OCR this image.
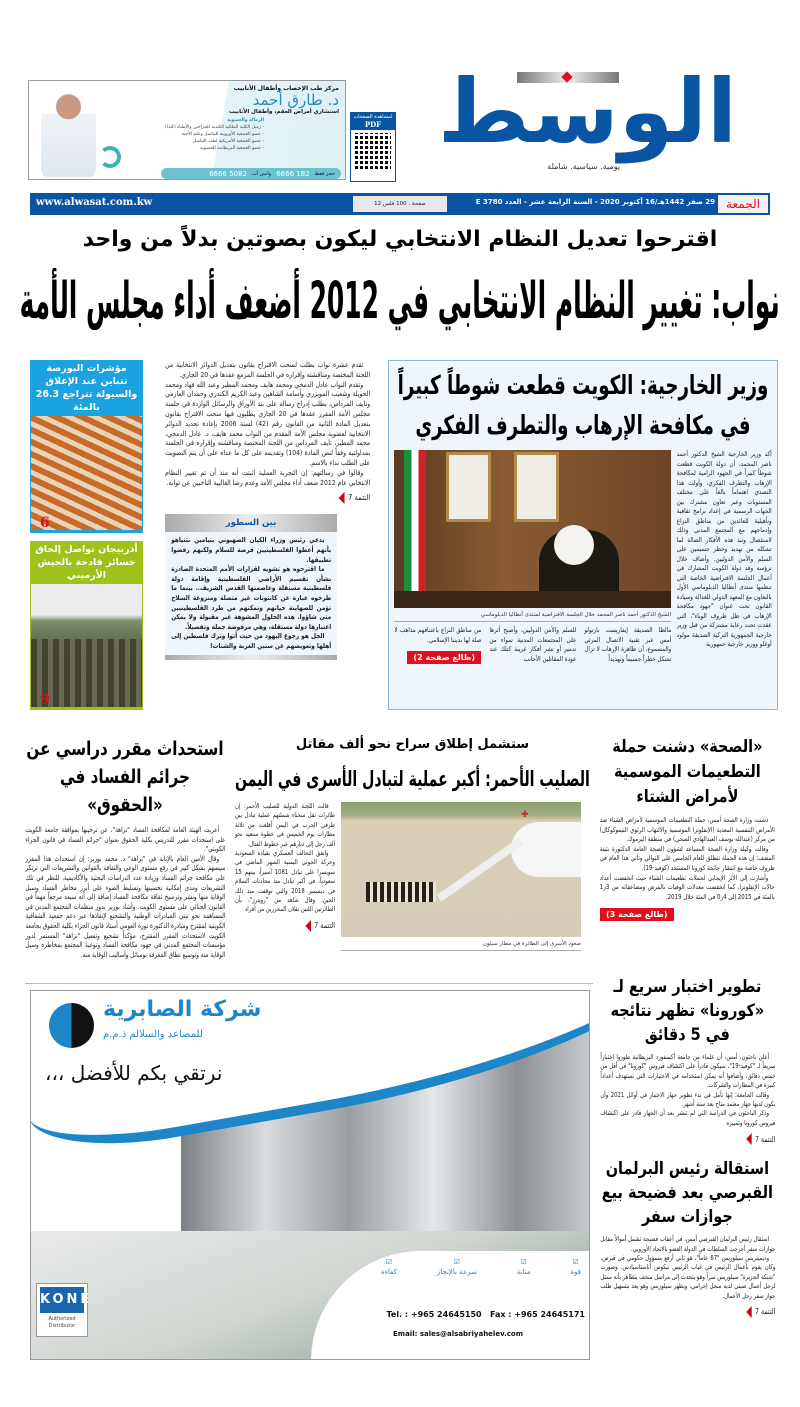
مركز طب الإخصاب وأطفال الأنابيب
د. طارق أحمد
استشاري أمراض العقم، وأطفال الأنابيب
الزمالة والعضوية
- زميل الكلية الملكية الكندية للجراحين والأطباء (كندا)
- عضو الجمعية الأوروبية للتناسل وعلم الأجنة
- عضو الجمعية الأمريكية لطب التناسل
- عضو الجمعية البريطانية للخصوبة
حجز فقط
182 6666
واتس آب
5082 6666
لمشاهدة الصفحات
PDF الوسط
يومية. سياسية. شاملة
www.alwasat.com.kw	12 صفحة . 100 فلس	29 صفر 1442هـ/16 أكتوبر 2020 - السنة الرابعة عشر - العدد 3780 E الجمعة
اقترحوا تعديل النظام الانتخابي ليكون بصوتين بدلاً من واحد
نواب: تغيير النظام الانتخابي في 2012 أضعف أداء مجلس الأمة
مؤشرات البورصة تتباين عند الإغلاق والسيولة تتراجع 26.3 بالمئة
6
أذربيجان تواصل إلحاق خسائر فادحة بالجيش الأرميني
9

تقدم عشرة نواب بطلب لسحب الاقتراح بقانون بتعديل الدوائر الانتخابية من اللجنة المختصة ومناقشته وإقراره في الجلسة المزمع عقدها في 20 الجاري.

وتقدم النواب عادل الدمخي ومحمد هايف ومحمد المطير وعبد الله فهاد ومحمد الحويلة وشعيب المويزري وأسامة الشاهين وعبد الكريم الكندري وحمدان العازمي ونايف المرداس، بطلب إدراج رسالة على بند الأوراق والرسائل الواردة في جلسة مجلس الأمة المقرر عقدها في 20 الجاري يطلبون فيها سحب الاقتراح بقانون بتعديل المادة الثانية من القانون رقم (42) لسنة 2006 بإعادة تحديد الدوائر الانتخابية لعضوية مجلس الأمة المقدم من النواب محمد هايف، د. عادل الدمخي، محمد المطير، نايف المرداس من اللجنة المختصة ومناقشته وإقراره في الجلسة بمداولتيه وفقاً لنص المادة (104) وتقديمه على كل ما عداه على أن يتم التصويت على الطلب نداء بالاسم.

وقالوا في رسالتهم: إن التجربة العملية اثبتت أنه منذ أن تم تغيير النظام الانتخابي عام 2012 ضعف أداء مجلس الأمة وعدم رضا الغالبية الناخبين عن نوابه.

التتمة 7
بين السطور

يدعي رئيس وزراء الكيان الصهيوني بنيامين نتنياهو بأنهم أعطوا الفلسطينيين فرصة للسلام ولكنهم رفضوا تطبيقها.

ما اقترحوه هو تشويه لقرارات الأمم المتحدة الصادرة بشأن تقسيم الأراضي الفلسطينية وإقامة دولة فلسطينية مستقلة وعاصمتها القدس الشريف.. بينما ما طرحوه عبارة عن كانتونات غير متصلة ومنزوعة السلاح تؤمن للصهاينة حياتهم وتمكنهم من طرد الفلسطينيين متى شاؤوا. هذه الحلول المشوهة غير مقبولة ولا يمكن اعتبارها دولة مستقلة، وهي مرفوضة جملة وتفصيلاً.

الحل هو رجوع اليهود من حيث أتوا وترك فلسطين إلى أهلها وتعويضهم عن سنين الغربة والشتات!

وزير الخارجية: الكويت قطعت شوطاً كبيراً في مكافحة الإرهاب والتطرف الفكري
أكد وزير الخارجية الشيخ الدكتور أحمد ناصر المحمد، أن دولة الكويت قطعت شوطاً كبيراً في الجهود الرامية لمكافحة الإرهاب والتطرف الفكري، وأولت هذا التصدي اهتماماً بالغاً على مختلف المستويات وعبر تعاون مشترك بين الجهات الرسمية في إعداد برامج ثقافية وتأهيلية للعائدين من مناطق النزاع وإدماجهم مع المجتمع المدني وذلك لاستئصال ونبذ هذه الأفكار الضالة لما تشكله من تهديد وخطر جسيمين على السلم والأمن الدوليين. وأضاف خلال ترؤسه وفد دولة الكويت المشارك في أعمال الجلسة الافتراضية الخاصة التي تنظمها منتدى أنطاليا الدبلوماسي الأول بالتعاون مع المعهد الدولي للعدالة وسيادة القانون تحت عنوان "جهود مكافحة الإرهاب في ظل ظروف الوباء"، التي عقدت تحت رعاية مشتركة من قبل وزير خارجية الجمهورية التركية الصديقة مولود أوغلو ووزير خارجية جمهورية
الشيخ الدكتور أحمد ناصر المحمد خلال الجلسة الافتراضية لمنتدى أنطاليا الدبلوماسي
مالطا الصديقة إيفاريست بارتولو أمس عبر تقنية الاتصال المرئي والمسموع، أن ظاهرة الإرهاب لا تزال تشكل خطراً جسيماً وتهديداً
للسلم والأمن الدوليين، وأصبح أثرها على المجتمعات المدنية سواء من تدمير أو نشر أفكار غريبة كتلك عند عودة المقاتلين الأجانب
من مناطق النزاع باعتناقهم مذاهب لا صلة لها بديننا الإسلامي.
(طالع صفحة 2)
استحداث مقرر دراسي عن جرائم الفساد في «الحقوق»

أعربت الهيئة العامة لمكافحة الفساد "نزاهة"، عن ترحيبها بموافقة جامعة الكويت على استحداث مقرر للتدريس بكلية الحقوق بعنوان "جرائم الفساد في قانون الجزاء الكويتي".

وقال الأمين العام بالإنابة في "نزاهة" د. محمد بوزبر: إن استحداث هذا المقرر سيسهم بشكل كبير في رفع مستوى الوعي والثقافة بالقوانين والتشريعات التي ترتكز على مكافحة جرائم الفساد وزيادة عدد الدراسات البحثية والأكاديمية، للنظر في تلك التشريعات ومدى إمكانية تحسينها وتسليط الضوء على أبرز مخاطر الفساد وسبل الوقاية منها ونشر وترسيخ ثقافة مكافحة الفساد إضافة إلى أنه سيعد مرجعاً مهماً في القانون الجنائي على مستوى الكويت. وأشاد بوزبر بدور منظمات المجتمع المدني في المساهمة نحو تبني المبادرات الوطنية والتشجيع لإنفاذها عبر دعم جمعية الشفافية الكويتية لمقترح ومبادرة الدكتورة نورة العومي أستاذ قانون الجزاء بكلية الحقوق بجامعة الكويت لاستحداث المقرر المقترح، مؤكداً تشجيع وتفعيل "نزاهة" المستمر لدور مؤسسات المجتمع المدني في جهود مكافحة الفساد وتوعية المجتمع بمخاطره وسبل الوقاية منه وتوسيع نطاق المعرفة بوسائل وأساليب الوقاية منه.

ستشمل إطلاق سراح نحو ألف مقاتل
الصليب الأحمر: أكبر عملية لتبادل الأسرى في اليمن
✚
صعود الأسرى إلى الطائرة في مطار سيئون

قالت اللجنة الدولية للصليب الأحمر: إن طائرات نقل سجناء شملتهم عملية تبادل بين طرفي الحرب في اليمن أقلعت من ثلاثة مطارات يوم الخميس في خطوة ستعيد نحو ألف رجل إلى ديارهم عبر خطوط القتال.

واتفق التحالف العسكري بقيادة السعودية وحركة الحوثي اليمنية الشهر الماضي في سويسرا على تبادل 1081 أسيراً، بينهم 15 سعودياً، في أكبر تبادل منذ محادثات السلام في ديسمبر 2018 والتي توقفت منذ ذلك الحين. وقال شاهد من "رويترز"، بأن الطائرتين اللتين تقلان المحررين من أفراد

التتمة 7
«الصحة» دشنت حملة التطعيمات الموسمية لأمراض الشتاء

دشنت وزارة الصحة أمس، حملة التطعيمات الموسمية لأمراض الشتاء ضد الأمراض التنفسية المعدية (الإنفلونزا الموسمية والالتهاب الرئوي النيموكوكال) من مركز (عبدالله يوسف العبدالهادي الصحي) في منطقة اليرموك.

وقالت وكيلة وزارة الصحة المساعد لشؤون الصحة العامة الدكتورة بثينة المضف: إن هذه الحملة تنطلق للعام الخامس على التوالي وتأتي هذا العام في ظروف خاصة مع انتشار جائحة كورونا المستجد (كوفيد-19).

وأشارت إلى الأثر الإيجابي لحملات تطعيمات الشتاء حيث انخفضت أعداد حالات الإنفلونزا، كما انخفضت معدلات الوفيات بالمرض ومضاعفاته من 3ر1 بالمئة في 2015 إلى 4ر0 في المئة خلال 2019.

(طالع صفحة 3)
شركة الصابرية
للمصاعد والسلالم ذ.م.م
نرتقي بكم للأفضل ،،،
☑
قوة
☑
متانة
☑
سرعة بالإنجاز
☑
كفاءة
Tel. : +965 24645150   Fax : +965 24645171
Email: sales@alsabriyahelev.com
KONE
Authorized Distributor
تطوير اختبار سريع لـ «كورونا» تظهر نتائجه في 5 دقائق

أعلن باحثون، أمس، أن علماء من جامعة أكسفورد البريطانية طوروا اختباراً سريعاً لـ "كوفيد-19"، سيكون قادراً على اكتشاف فيروس "كورونا" في أقل من خمس دقائق، وأضافوا أنه يمكن استخدامه في الاختبارات التي تستهدف أعداداً كبيرة في المطارات والشركات.

وقالت الجامعة: إنها تأمل في بدء تطوير جهاز الاختبار في أوائل 2021 وأن يكون لديها جهاز معتمد متاح بعد ستة أشهر.

وذكر الباحثون في الدراسة التي لم تنشر بعد أن الجهاز قادر على اكتشاف فيروس كورونا وتمييزه

التتمة 7
استقالة رئيس البرلمان القبرصي بعد فضيحة بيع جوازات سفر

استقال رئيس البرلمان القبرصي أمس، في أعقاب فضيحة تشمل أموالاً مقابل جوازات سفر أحرجت السلطات في الدولة العضو بالاتحاد الأوروبي.

وديميتريس سيلوريس "67 عاماً"، هو ثاني أرفع مسؤول حكومي في قبرص، وكان يقوم بأعمال الرئيس في غياب الرئيس نيكوس أناستاسيادس. وصورت "شبكة الجزيرة" سيلوريس سراً وهو يتحدث إلى مراسل متخف يتظاهر بأنه ممثل لرجل أعمال صيني لديه سجل إجرامي، ويظهر سيلوريس وهو يعد بتسهيل طلب جواز سفر رجل الأعمال.

التتمة 7
